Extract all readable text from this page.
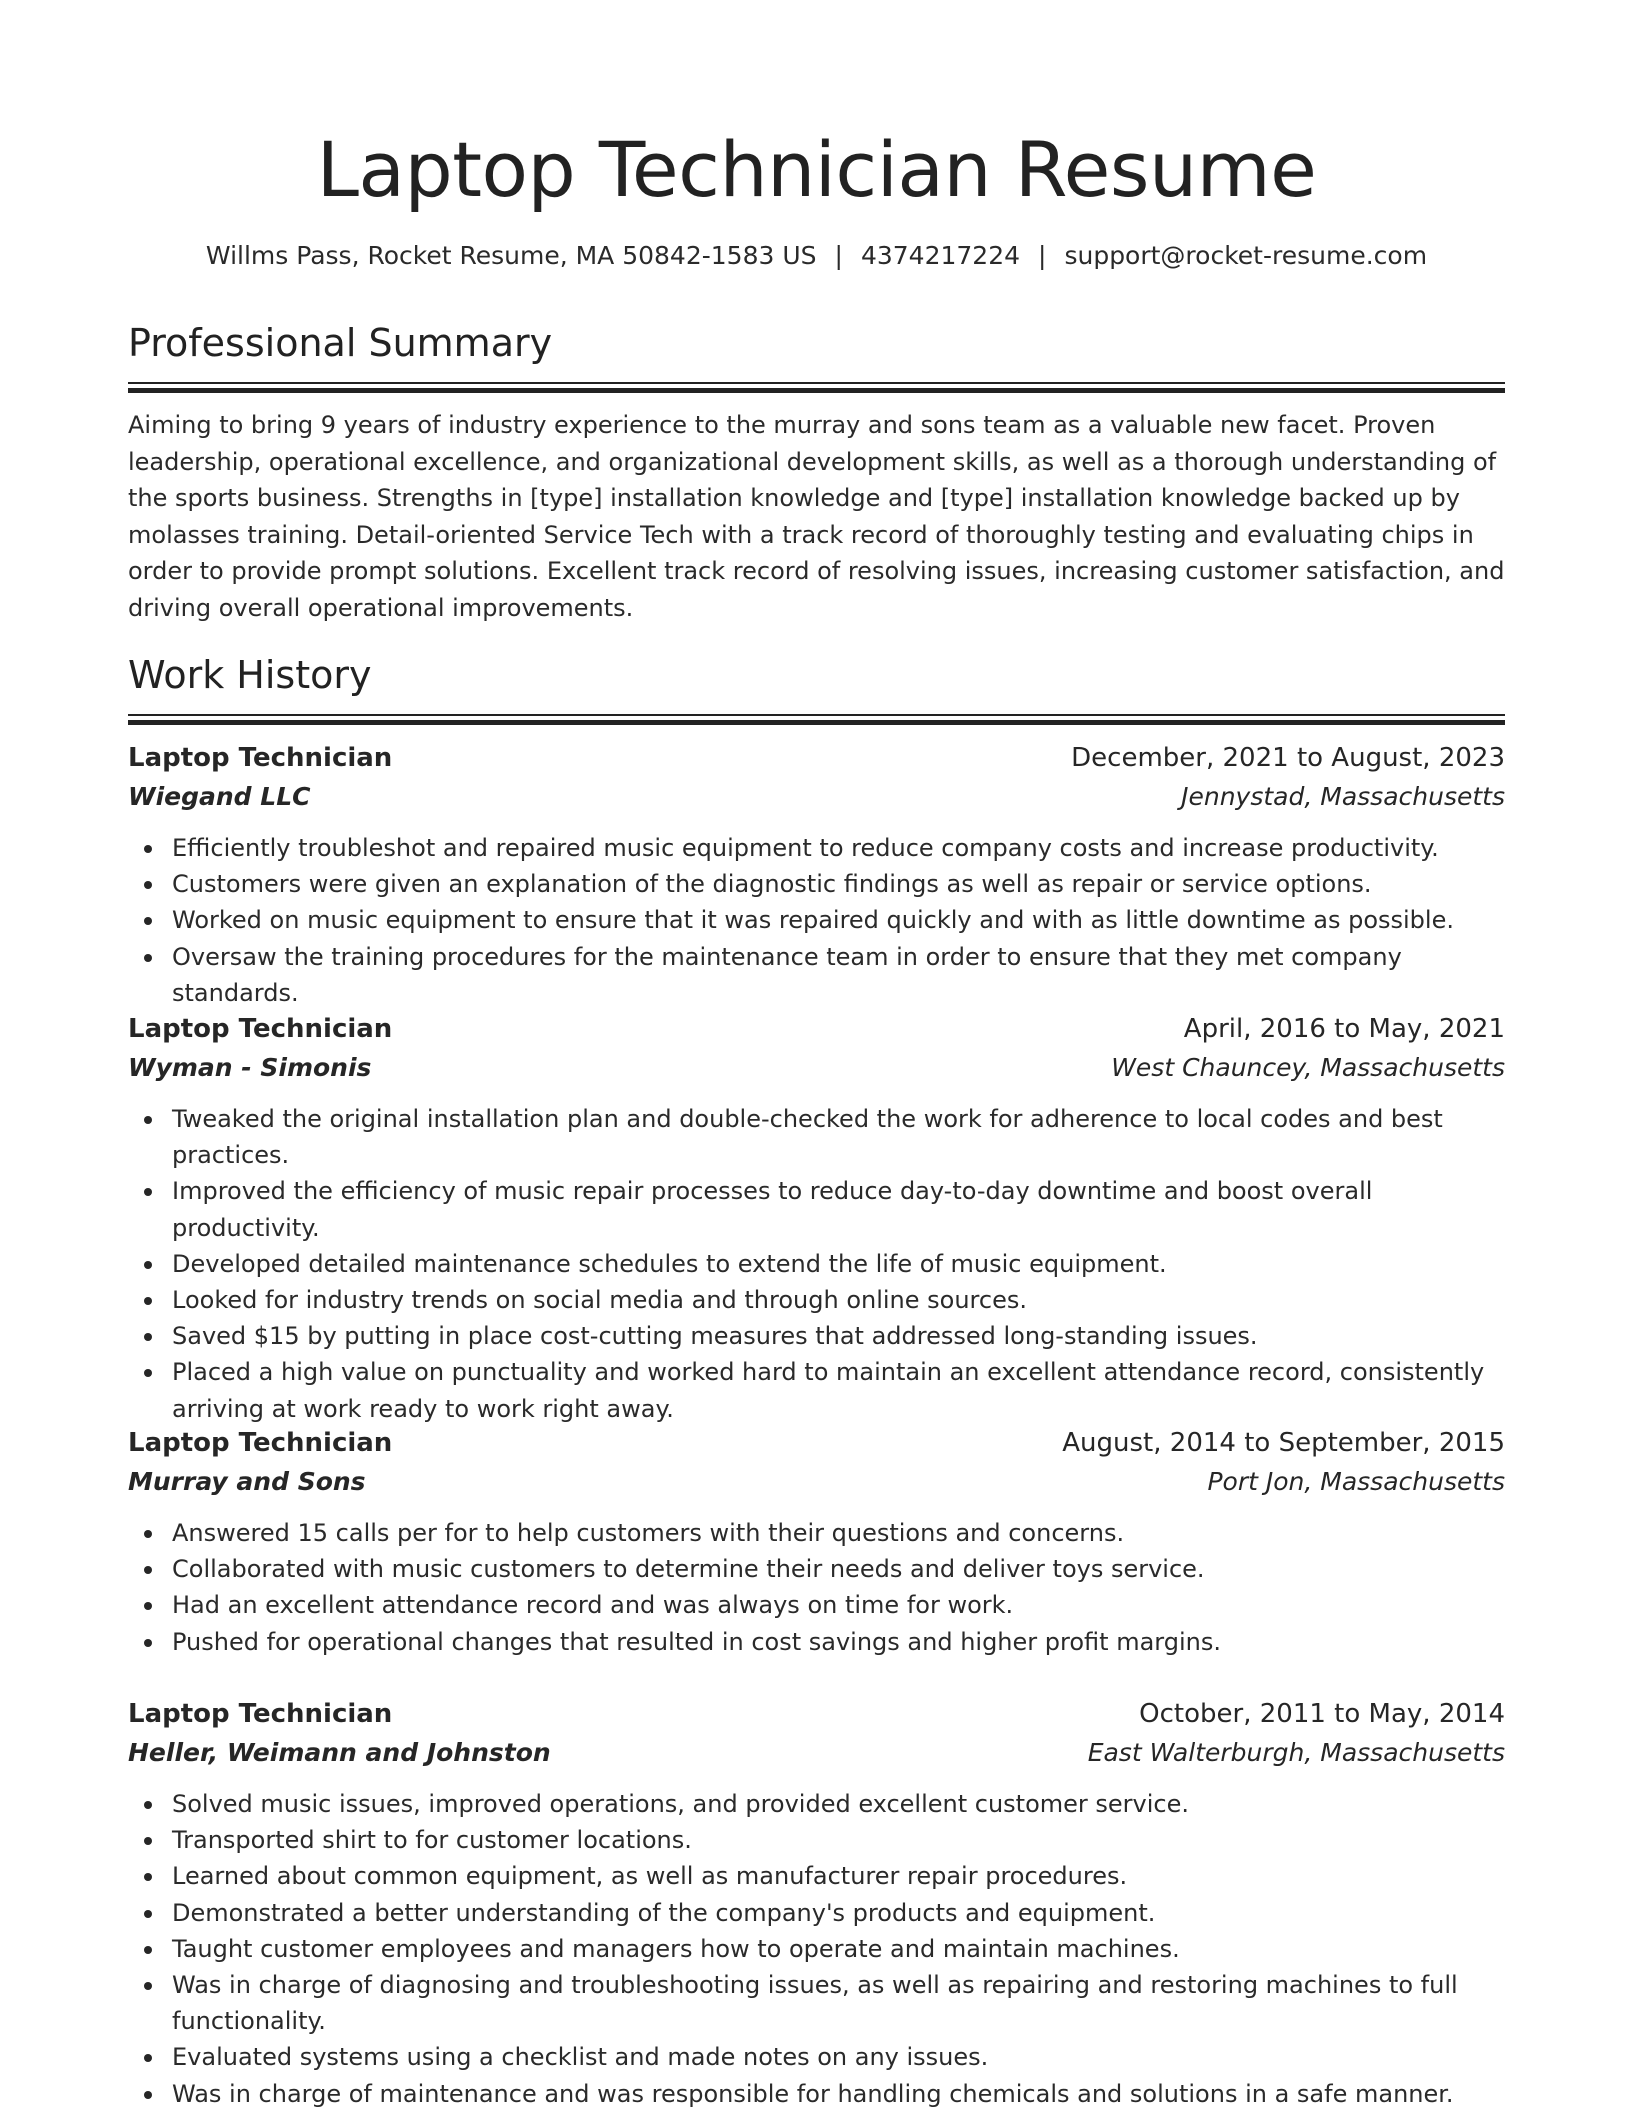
Laptop Technician Resume
Willms Pass, Rocket Resume, MA 50842-1583 US | 4374217224 | support@rocket-resume.com
Professional Summary

Aiming to bring 9 years of industry experience to the murray and sons team as a valuable new facet. Proven leadership, operational excellence, and organizational development skills, as well as a thorough understanding of the sports business. Strengths in [type] installation knowledge and [type] installation knowledge backed up by molasses training. Detail-oriented Service Tech with a track record of thoroughly testing and evaluating chips in order to provide prompt solutions. Excellent track record of resolving issues, increasing customer satisfaction, and driving overall operational improvements.

Work History
Laptop Technician	December, 2021 to August, 2023
Wiegand LLC	Jennystad, Massachusetts
Efficiently troubleshot and repaired music equipment to reduce company costs and increase productivity.
Customers were given an explanation of the diagnostic findings as well as repair or service options.
Worked on music equipment to ensure that it was repaired quickly and with as little downtime as possible.
Oversaw the training procedures for the maintenance team in order to ensure that they met company standards.
Laptop Technician	April, 2016 to May, 2021
Wyman - Simonis	West Chauncey, Massachusetts
Tweaked the original installation plan and double-checked the work for adherence to local codes and best practices.
Improved the efficiency of music repair processes to reduce day-to-day downtime and boost overall productivity.
Developed detailed maintenance schedules to extend the life of music equipment.
Looked for industry trends on social media and through online sources.
Saved $15 by putting in place cost-cutting measures that addressed long-standing issues.
Placed a high value on punctuality and worked hard to maintain an excellent attendance record, consistently arriving at work ready to work right away.
Laptop Technician	August, 2014 to September, 2015
Murray and Sons	Port Jon, Massachusetts
Answered 15 calls per for to help customers with their questions and concerns.
Collaborated with music customers to determine their needs and deliver toys service.
Had an excellent attendance record and was always on time for work.
Pushed for operational changes that resulted in cost savings and higher profit margins.
Laptop Technician	October, 2011 to May, 2014
Heller, Weimann and Johnston	East Walterburgh, Massachusetts
Solved music issues, improved operations, and provided excellent customer service.
Transported shirt to for customer locations.
Learned about common equipment, as well as manufacturer repair procedures.
Demonstrated a better understanding of the company's products and equipment.
Taught customer employees and managers how to operate and maintain machines.
Was in charge of diagnosing and troubleshooting issues, as well as repairing and restoring machines to full functionality.
Evaluated systems using a checklist and made notes on any issues.
Was in charge of maintenance and was responsible for handling chemicals and solutions in a safe manner.
